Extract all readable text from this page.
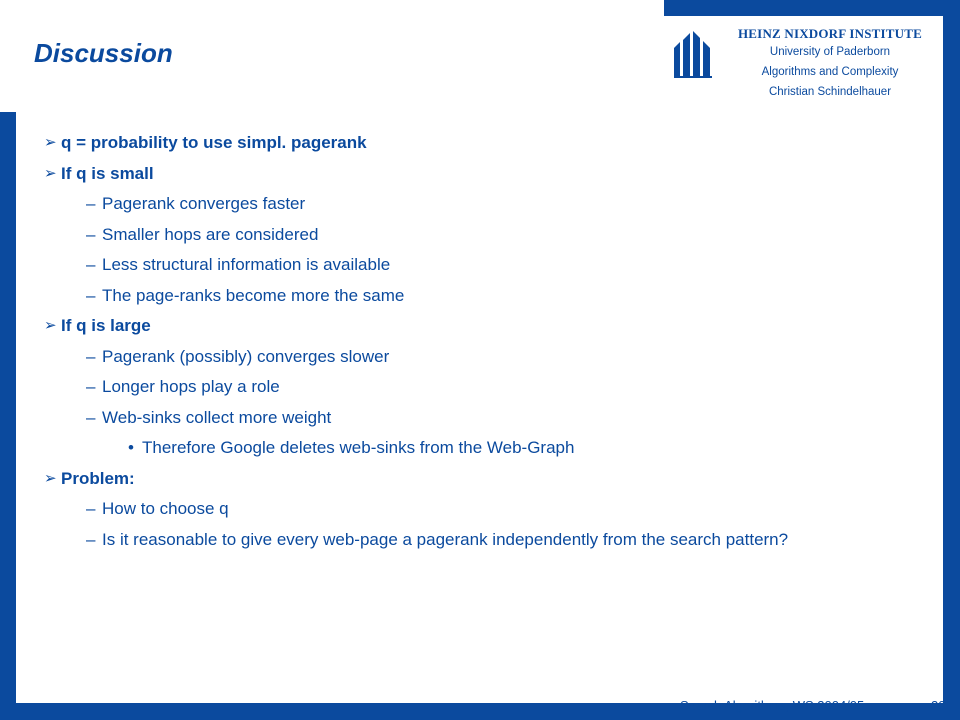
Discussion
HEINZ NIXDORF INSTITUTE
University of Paderborn
Algorithms and Complexity
Christian Schindelhauer
➢ q = probability to use simpl. pagerank
➢ If q is small
– Pagerank converges faster
– Smaller hops are considered
– Less structural information is available
– The page-ranks become more the same
➢ If q is large
– Pagerank (possibly) converges slower
– Longer hops play a role
– Web-sinks collect more weight
• Therefore Google deletes web-sinks from the Web-Graph
➢ Problem:
– How to choose q
– Is it reasonable to give every web-page a pagerank independently from the search pattern?
Search Algorithms, WS 2004/05	20
